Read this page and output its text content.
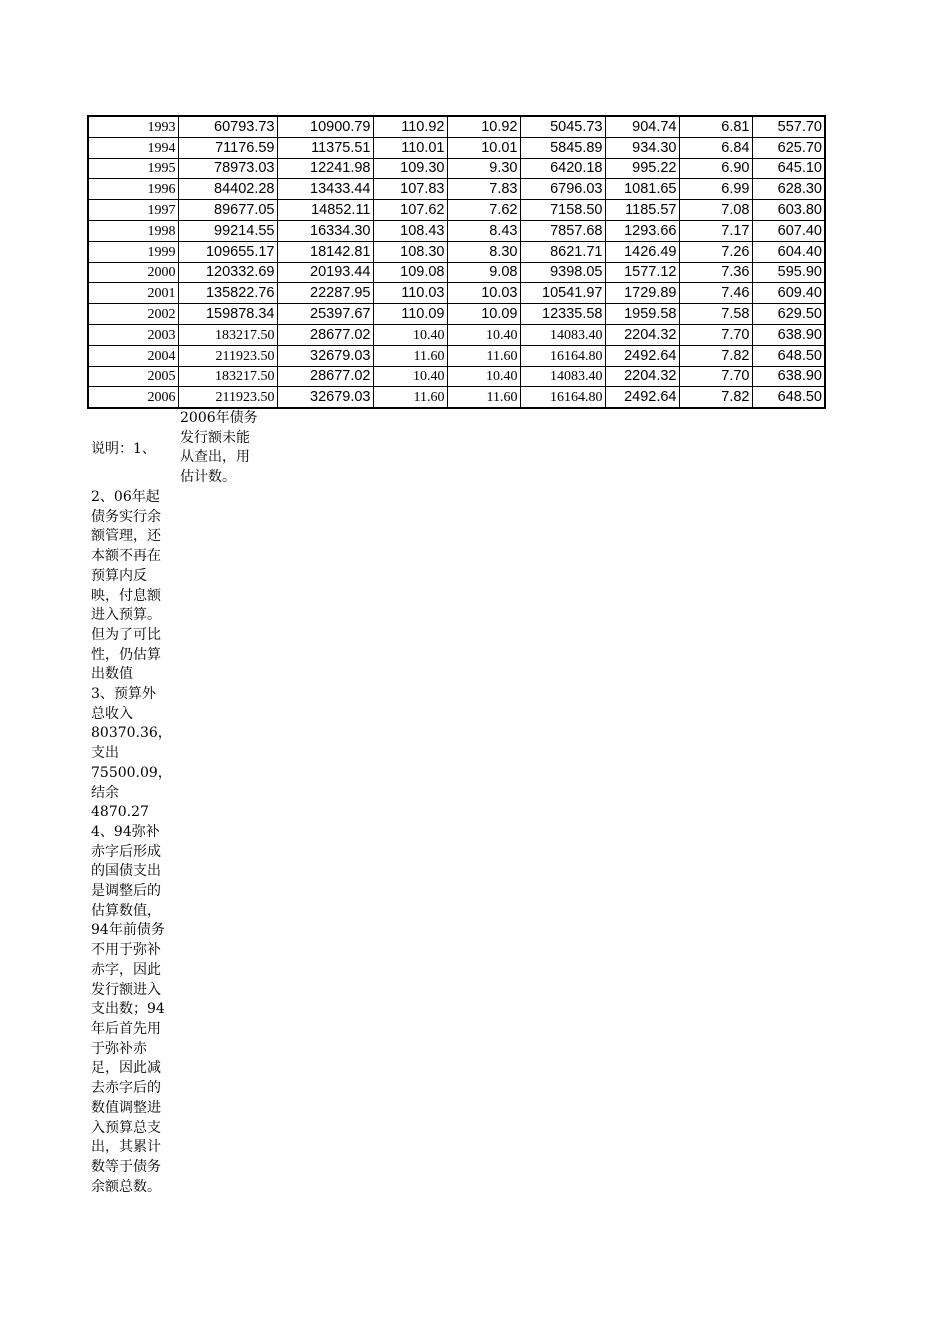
1993	60793.73	10900.79	110.92	10.92	5045.73	904.74	6.81	557.70
1994	71176.59	11375.51	110.01	10.01	5845.89	934.30	6.84	625.70
1995	78973.03	12241.98	109.30	9.30	6420.18	995.22	6.90	645.10
1996	84402.28	13433.44	107.83	7.83	6796.03	1081.65	6.99	628.30
1997	89677.05	14852.11	107.62	7.62	7158.50	1185.57	7.08	603.80
1998	99214.55	16334.30	108.43	8.43	7857.68	1293.66	7.17	607.40
1999	109655.17	18142.81	108.30	8.30	8621.71	1426.49	7.26	604.40
2000	120332.69	20193.44	109.08	9.08	9398.05	1577.12	7.36	595.90
2001	135822.76	22287.95	110.03	10.03	10541.97	1729.89	7.46	609.40
2002	159878.34	25397.67	110.09	10.09	12335.58	1959.58	7.58	629.50
2003	183217.50	28677.02	10.40	10.40	14083.40	2204.32	7.70	638.90
2004	211923.50	32679.03	11.60	11.60	16164.80	2492.64	7.82	648.50
2005	183217.50	28677.02	10.40	10.40	14083.40	2204.32	7.70	638.90
2006	211923.50	32679.03	11.60	11.60	16164.80	2492.64	7.82	648.50
说明：1、
2006年债务
发行额未能
从查出，用
估计数。
2、06年起
债务实行余
额管理，还
本额不再在
预算内反
映，付息额
进入预算。
但为了可比
性，仍估算
出数值
3、预算外
总收入
80370.36，
支出
75500.09，
结余
4870.27
4、94弥补
赤字后形成
的国债支出
是调整后的
估算数值，
94年前债务
不用于弥补
赤字，因此
发行额进入
支出数；94
年后首先用
于弥补赤
足，因此减
去赤字后的
数值调整进
入预算总支
出，其累计
数等于债务
余额总数。
